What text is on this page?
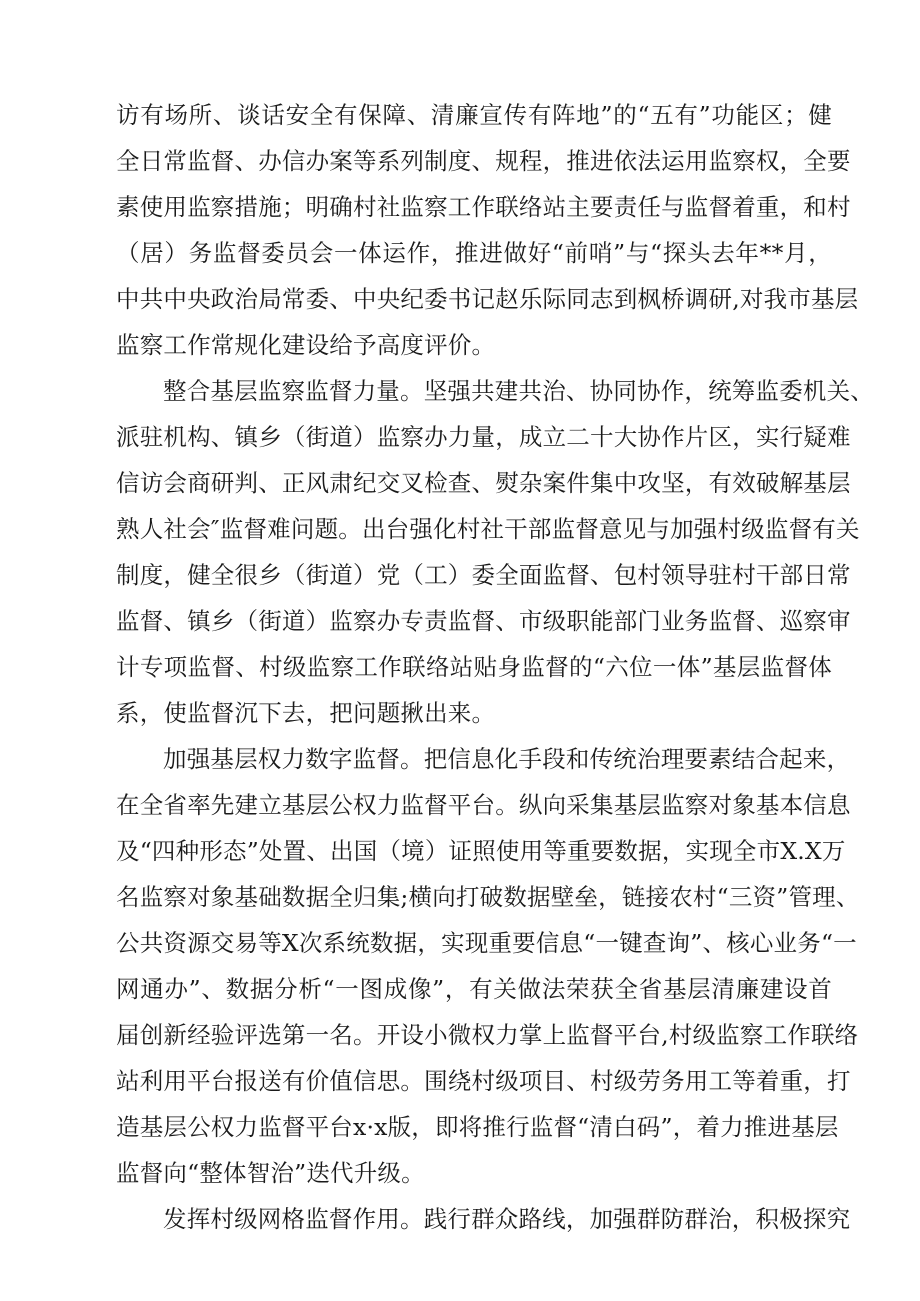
访有场所、谈话安全有保障、清廉宣传有阵地”的“五有”功能区；健
全日常监督、办信办案等系列制度、规程，推进依法运用监察权，全要
素使用监察措施；明确村社监察工作联络站主要责任与监督着重，和村
（居）务监督委员会一体运作，推进做好“前哨”与“探头去年**月，
中共中央政治局常委、中央纪委书记赵乐际同志到枫桥调研,对我市基层
监察工作常规化建设给予高度评价。
整合基层监察监督力量。坚强共建共治、协同协作，统筹监委机关、
派驻机构、镇乡（街道）监察办力量，成立二十大协作片区，实行疑难
信访会商研判、正风肃纪交叉检查、熨杂案件集中攻坚，有效破解基层
熟人社会″监督难问题。出台强化村社干部监督意见与加强村级监督有关
制度，健全很乡（街道）党（工）委全面监督、包村领导驻村干部日常
监督、镇乡（街道）监察办专责监督、市级职能部门业务监督、巡察审
计专项监督、村级监察工作联络站贴身监督的“六位一体”基层监督体
系，使监督沉下去，把问题揪出来。
加强基层权力数字监督。把信息化手段和传统治理要素结合起来，
在全省率先建立基层公权力监督平台。纵向采集基层监察对象基本信息
及“四种形态”处置、出国（境）证照使用等重要数据，实现全市X.X万
名监察对象基础数据全归集;横向打破数据壁垒，链接农村“三资”管理、
公共资源交易等X次系统数据，实现重要信息“一键查询”、核心业务“一
网通办”、数据分析“一图成像”，有关做法荣获全省基层清廉建设首
届创新经验评选第一名。开设小微权力掌上监督平台,村级监察工作联络
站利用平台报送有价值信思。围绕村级项目、村级劳务用工等着重，打
造基层公权力监督平台x·x版，即将推行监督“清白码”，着力推进基层
监督向“整体智治”迭代升级。
发挥村级网格监督作用。践行群众路线，加强群防群治，积极探究
